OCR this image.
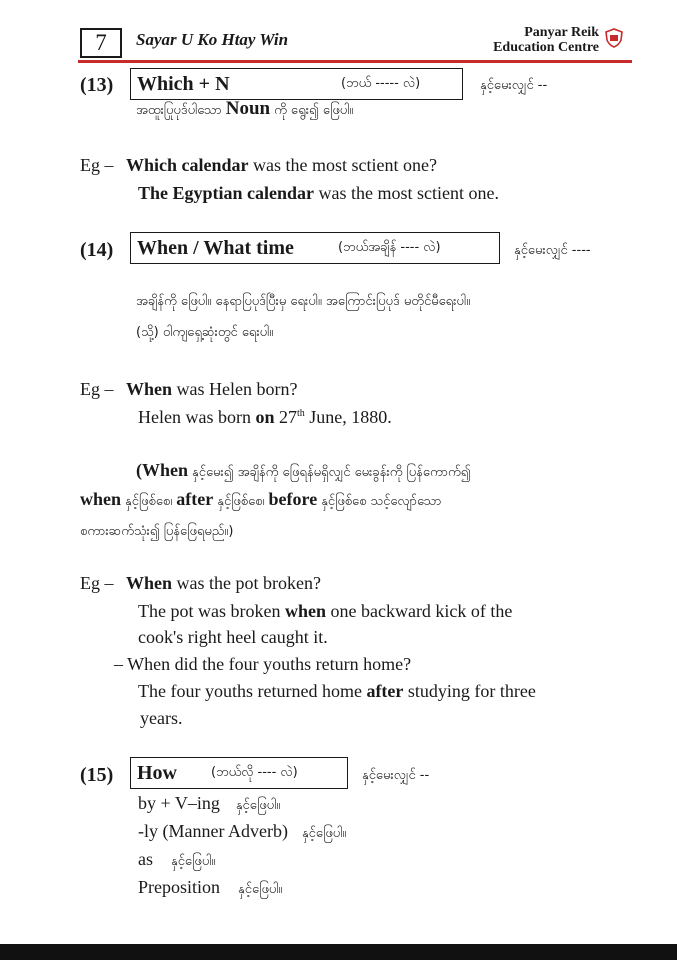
7	Sayar U Ko Htay Win	Panyar Reik
Education Centre
(13)	Which + N	(ဘယ် ----- လဲ)	နှင့်မေးလျှင် --
အထူးပြုပုဒ်ပါသော Noun ကို ရွေး၍ ဖြေပါ။
Eg – Which calendar was the most sctient one?
The Egyptian calendar was the most sctient one.
(14)	When / What time	(ဘယ်အချိန် ---- လဲ)	နှင့်မေးလျှင် ----
အချိန်ကို ဖြေပါ။ နေရာပြပုဒ်ပြီးမှ ရေးပါ။ အကြောင်းပြပုဒ် မတိုင်မီရေးပါ။
(သို့) ဝါကျရှေ့ဆုံးတွင် ရေးပါ။
Eg – When was Helen born?
Helen was born on 27th June, 1880.
(When နှင့်မေး၍ အချိန်ကို ဖြေရန်မရှိလျှင် မေးခွန်းကို ပြန်ကောက်၍
when နှင့်ဖြစ်စေ၊ after နှင့်ဖြစ်စေ၊ before နှင့်ဖြစ်စေ သင့်လျော်သော
စကားဆက်သုံး၍ ပြန်ဖြေရမည်။)
Eg – When was the pot broken?
The pot was broken when one backward kick of the
cook's right heel caught it.
– When did the four youths return home?
The four youths returned home after studying for three
years.
(15)	How	(ဘယ်လို ---- လဲ)	နှင့်မေးလျှင် --
by + V–ing နှင့်ဖြေပါ။
-ly (Manner Adverb) နှင့်ဖြေပါ။
as နှင့်ဖြေပါ။
Preposition နှင့်ဖြေပါ။
